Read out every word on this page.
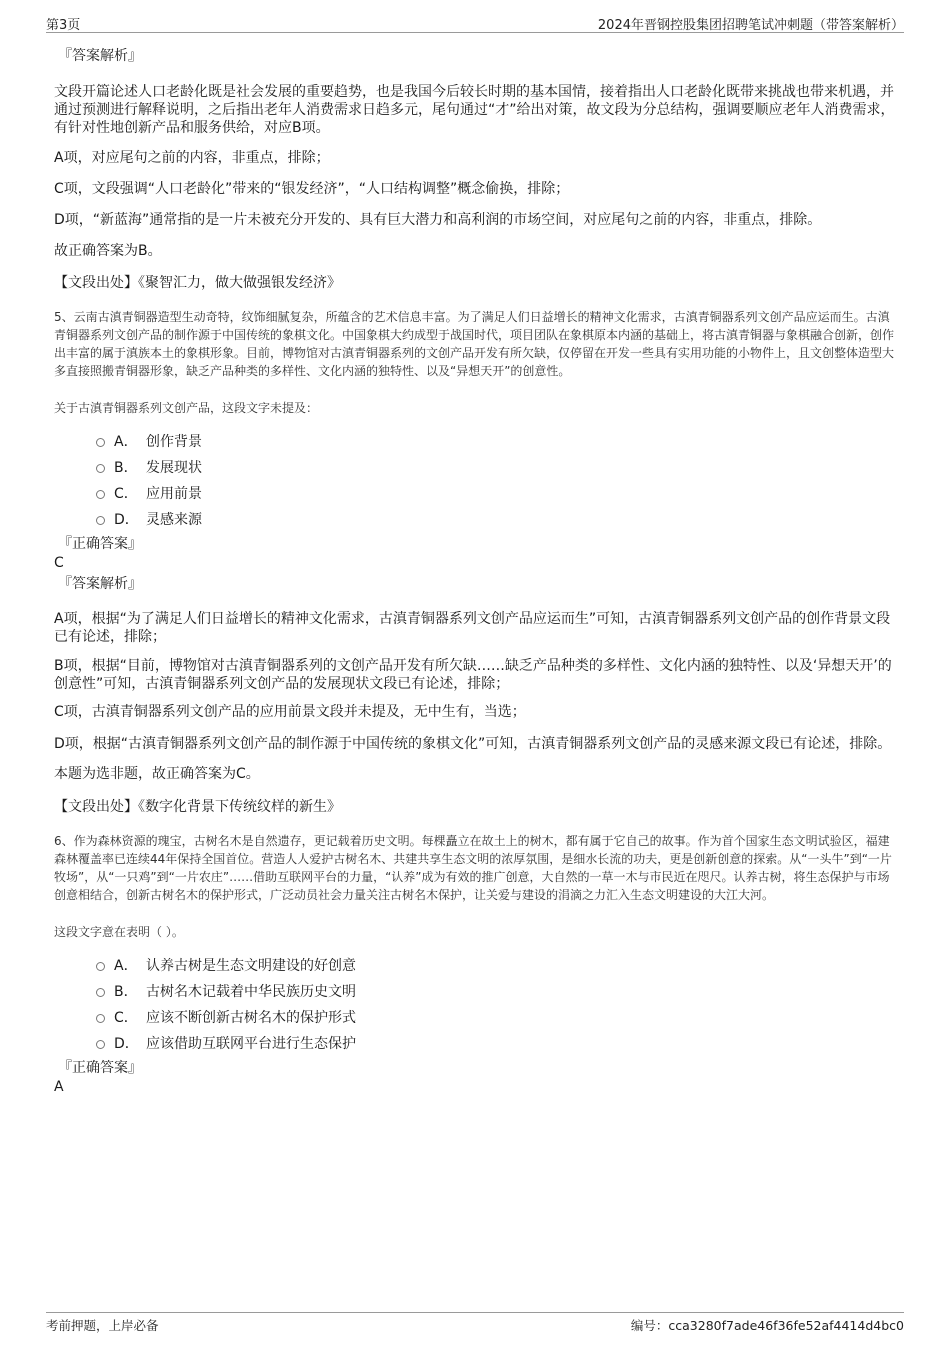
第3页	2024年晋钢控股集团招聘笔试冲刺题（带答案解析）

『答案解析』

文段开篇论述人口老龄化既是社会发展的重要趋势，也是我国今后较长时期的基本国情，接着指出人口老龄化既带来挑战也带来机遇，并通过预测进行解释说明，之后指出老年人消费需求日趋多元，尾句通过“才”给出对策，故文段为分总结构，强调要顺应老年人消费需求，有针对性地创新产品和服务供给，对应B项。

A项，对应尾句之前的内容，非重点，排除；

C项，文段强调“人口老龄化”带来的“银发经济”，“人口结构调整”概念偷换，排除；

D项，“新蓝海”通常指的是一片未被充分开发的、具有巨大潜力和高利润的市场空间，对应尾句之前的内容，非重点，排除。

故正确答案为B。

【文段出处】《聚智汇力，做大做强银发经济》

5、云南古滇青铜器造型生动奇特，纹饰细腻复杂，所蕴含的艺术信息丰富。为了满足人们日益增长的精神文化需求，古滇青铜器系列文创产品应运而生。古滇青铜器系列文创产品的制作源于中国传统的象棋文化。中国象棋大约成型于战国时代，项目团队在象棋原本内涵的基础上，将古滇青铜器与象棋融合创新，创作出丰富的属于滇族本土的象棋形象。目前，博物馆对古滇青铜器系列的文创产品开发有所欠缺，仅停留在开发一些具有实用功能的小物件上，且文创整体造型大多直接照搬青铜器形象，缺乏产品种类的多样性、文化内涵的独特性、以及“异想天开”的创意性。

关于古滇青铜器系列文创产品，这段文字未提及：

A． 创作背景
B． 发展现状
C． 应用前景
D． 灵感来源

『正确答案』

C

『答案解析』

A项，根据“为了满足人们日益增长的精神文化需求，古滇青铜器系列文创产品应运而生”可知，古滇青铜器系列文创产品的创作背景文段已有论述，排除；

B项，根据“目前，博物馆对古滇青铜器系列的文创产品开发有所欠缺……缺乏产品种类的多样性、文化内涵的独特性、以及‘异想天开’的创意性”可知，古滇青铜器系列文创产品的发展现状文段已有论述，排除；

C项，古滇青铜器系列文创产品的应用前景文段并未提及，无中生有，当选；

D项，根据“古滇青铜器系列文创产品的制作源于中国传统的象棋文化”可知，古滇青铜器系列文创产品的灵感来源文段已有论述，排除。

本题为选非题，故正确答案为C。

【文段出处】《数字化背景下传统纹样的新生》

6、作为森林资源的瑰宝，古树名木是自然遗存，更记载着历史文明。每棵矗立在故土上的树木，都有属于它自己的故事。作为首个国家生态文明试验区，福建森林覆盖率已连续44年保持全国首位。营造人人爱护古树名木、共建共享生态文明的浓厚氛围，是细水长流的功夫，更是创新创意的探索。从“一头牛”到“一片牧场”，从“一只鸡”到“一片农庄”……借助互联网平台的力量，“认养”成为有效的推广创意，大自然的一草一木与市民近在咫尺。认养古树，将生态保护与市场创意相结合，创新古树名木的保护形式，广泛动员社会力量关注古树名木保护，让关爱与建设的涓滴之力汇入生态文明建设的大江大河。

这段文字意在表明（ ）。

A． 认养古树是生态文明建设的好创意
B． 古树名木记载着中华民族历史文明
C． 应该不断创新古树名木的保护形式
D． 应该借助互联网平台进行生态保护

『正确答案』

A

考前押题，上岸必备	编号：cca3280f7ade46f36fe52af4414d4bc0
